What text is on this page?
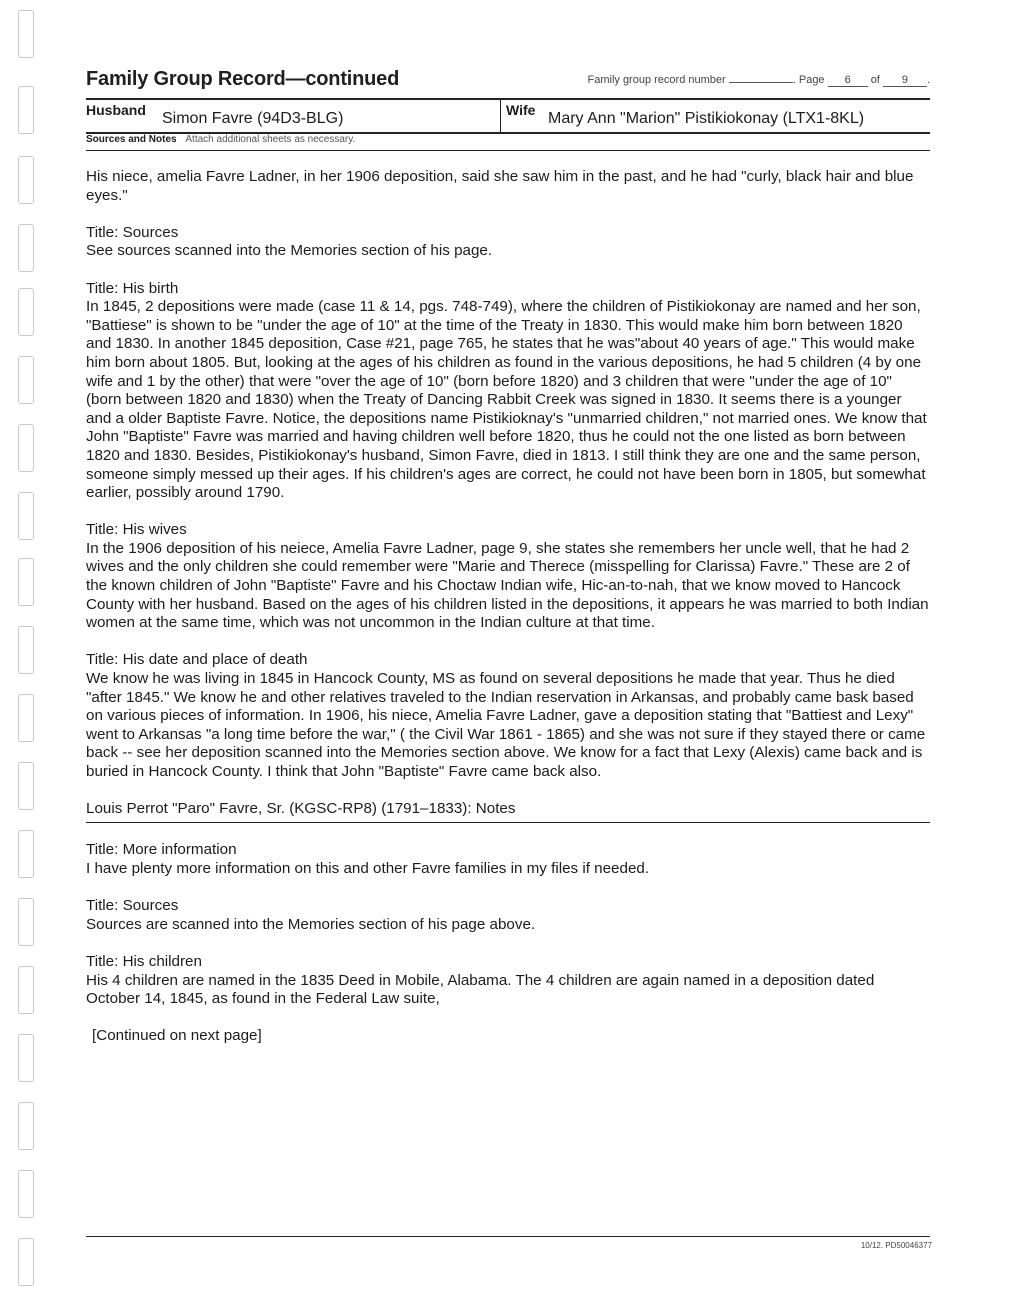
Family Group Record—continued	Family group record number	. Page 6 of 9 .
Husband Simon Favre (94D3-BLG)	Wife Mary Ann "Marion" Pistikiokonay (LTX1-8KL)
Sources and Notes Attach additional sheets as necessary.

His niece, amelia Favre Ladner, in her 1906 deposition, said she saw him in the past, and he had "curly, black hair and blue eyes."

Title: Sources

See sources scanned into the Memories section of his page.

Title: His birth

In 1845, 2 depositions were made (case 11 & 14, pgs. 748-749), where the children of Pistikiokonay are named and her son, "Battiese" is shown to be "under the age of 10" at the time of the Treaty in 1830. This would make him born between 1820 and 1830. In another 1845 deposition, Case #21, page 765, he states that he was"about 40 years of age." This would make him born about 1805. But, looking at the ages of his children as found in the various depositions, he had 5 children (4 by one wife and 1 by the other) that were "over the age of 10" (born before 1820) and 3 children that were "under the age of 10" (born between 1820 and 1830) when the Treaty of Dancing Rabbit Creek was signed in 1830. It seems there is a younger and a older Baptiste Favre. Notice, the depositions name Pistikioknay's "unmarried children," not married ones. We know that John "Baptiste" Favre was married and having children well before 1820, thus he could not the one listed as born between 1820 and 1830. Besides, Pistikiokonay's husband, Simon Favre, died in 1813. I still think they are one and the same person, someone simply messed up their ages. If his children's ages are correct, he could not have been born in 1805, but somewhat earlier, possibly around 1790.

Title: His wives

In the 1906 deposition of his neiece, Amelia Favre Ladner, page 9, she states she remembers her uncle well, that he had 2 wives and the only children she could remember were "Marie and Therece (misspelling for Clarissa) Favre." These are 2 of the known children of John "Baptiste" Favre and his Choctaw Indian wife, Hic-an-to-nah, that we know moved to Hancock County with her husband. Based on the ages of his children listed in the depositions, it appears he was married to both Indian women at the same time, which was not uncommon in the Indian culture at that time.

Title: His date and place of death

We know he was living in 1845 in Hancock County, MS as found on several depositions he made that year. Thus he died "after 1845." We know he and other relatives traveled to the Indian reservation in Arkansas, and probably came bask based on various pieces of information. In 1906, his niece, Amelia Favre Ladner, gave a deposition stating that "Battiest and Lexy" went to Arkansas "a long time before the war," ( the Civil War 1861 - 1865) and she was not sure if they stayed there or came back -- see her deposition scanned into the Memories section above. We know for a fact that Lexy (Alexis) came back and is buried in Hancock County. I think that John "Baptiste" Favre came back also.

Louis Perrot "Paro" Favre, Sr. (KGSC-RP8) (1791–1833): Notes

Title: More information

I have plenty more information on this and other Favre families in my files if needed.

Title: Sources

Sources are scanned into the Memories section of his page above.

Title: His children

His 4 children are named in the 1835 Deed in Mobile, Alabama. The 4 children are again named in a deposition dated October 14, 1845, as found in the Federal Law suite,

[Continued on next page]

10/12. PD50046377
